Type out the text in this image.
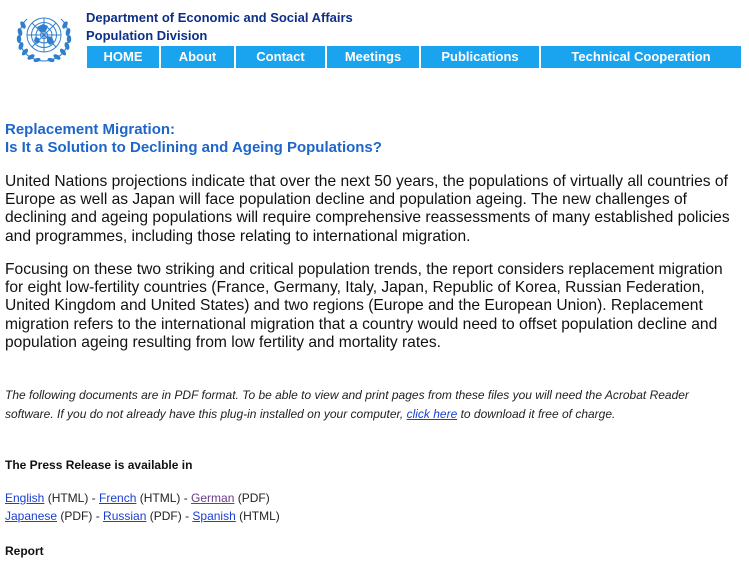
Department of Economic and Social Affairs
Population Division
HOME	About	Contact	Meetings	Publications	Technical Cooperation
Replacement Migration:
Is It a Solution to Declining and Ageing Populations?

United Nations projections indicate that over the next 50 years, the populations of virtually all countries of Europe as well as Japan will face population decline and population ageing. The new challenges of declining and ageing populations will require comprehensive reassessments of many established policies and programmes, including those relating to international migration.

Focusing on these two striking and critical population trends, the report considers replacement migration for eight low-fertility countries (France, Germany, Italy, Japan, Republic of Korea, Russian Federation, United Kingdom and United States) and two regions (Europe and the European Union). Replacement migration refers to the international migration that a country would need to offset population decline and population ageing resulting from low fertility and mortality rates.

The following documents are in PDF format. To be able to view and print pages from these files you will need the Acrobat Reader software. If you do not already have this plug-in installed on your computer, click here to download it free of charge.

The Press Release is available in
English (HTML) - French (HTML) - German (PDF)
Japanese (PDF) - Russian (PDF) - Spanish (HTML)
Report
